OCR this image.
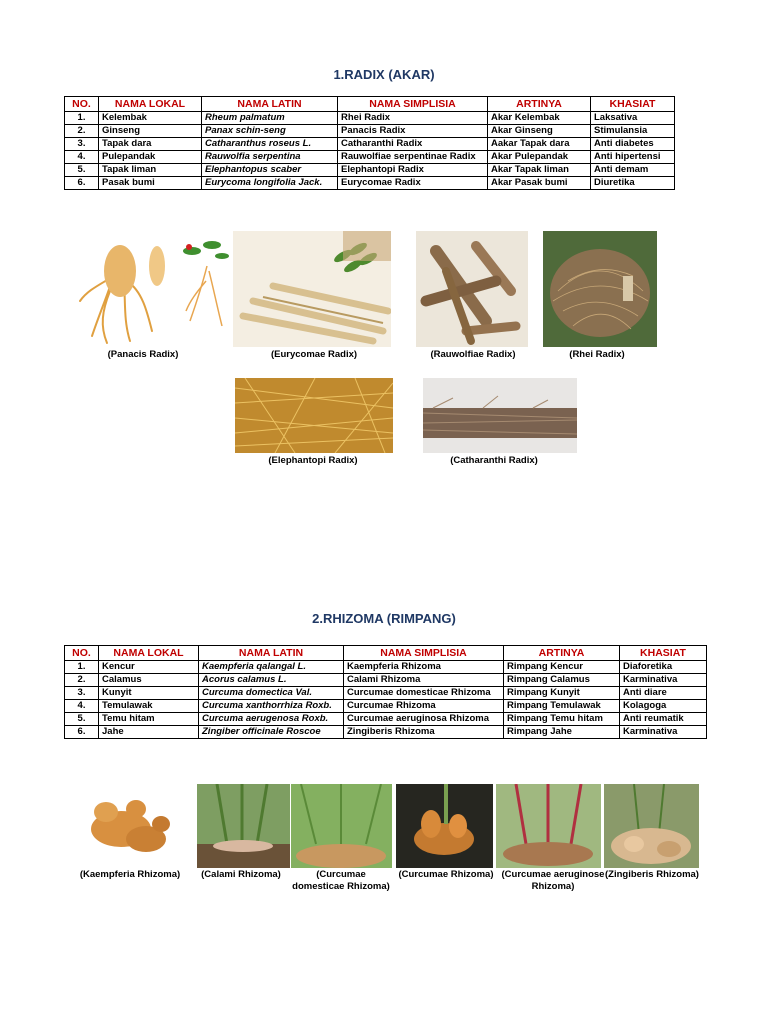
1.RADIX (AKAR)
NO.	NAMA LOKAL	NAMA LATIN	NAMA SIMPLISIA	ARTINYA	KHASIAT
1.	Kelembak	Rheum palmatum	Rhei Radix	Akar Kelembak	Laksativa
2.	Ginseng	Panax schin-seng	Panacis Radix	Akar Ginseng	Stimulansia
3.	Tapak dara	Catharanthus roseus L.	Catharanthi Radix	Aakar Tapak dara	Anti diabetes
4.	Pulepandak	Rauwolfia serpentina	Rauwolfiae serpentinae Radix	Akar Pulepandak	Anti hipertensi
5.	Tapak liman	Elephantopus scaber	Elephantopi Radix	Akar Tapak liman	Anti demam
6.	Pasak bumi	Eurycoma longifolia Jack.	Eurycomae Radix	Akar Pasak bumi	Diuretika
(Panacis Radix)	(Eurycomae Radix)	(Rauwolfiae Radix)	(Rhei Radix)
(Elephantopi Radix)	(Catharanthi Radix)
2.RHIZOMA (RIMPANG)
NO.	NAMA LOKAL	NAMA LATIN	NAMA SIMPLISIA	ARTINYA	KHASIAT
1.	Kencur	Kaempferia qalangal L.	Kaempferia Rhizoma	Rimpang Kencur	Diaforetika
2.	Calamus	Acorus calamus L.	Calami Rhizoma	Rimpang Calamus	Karminativa
3.	Kunyit	Curcuma domectica Val.	Curcumae domesticae Rhizoma	Rimpang Kunyit	Anti diare
4.	Temulawak	Curcuma xanthorrhiza Roxb.	Curcumae Rhizoma	Rimpang Temulawak	Kolagoga
5.	Temu hitam	Curcuma aerugenosa Roxb.	Curcumae aeruginosa Rhizoma	Rimpang Temu hitam	Anti reumatik
6.	Jahe	Zingiber officinale Roscoe	Zingiberis Rhizoma	Rimpang Jahe	Karminativa
(Kaempferia Rhizoma)	(Calami Rhizoma)	(Curcumae domesticae Rhizoma)
(Curcumae Rhizoma) (Curcumae aeruginose Rhizoma)
(Zingiberis Rhizoma)
